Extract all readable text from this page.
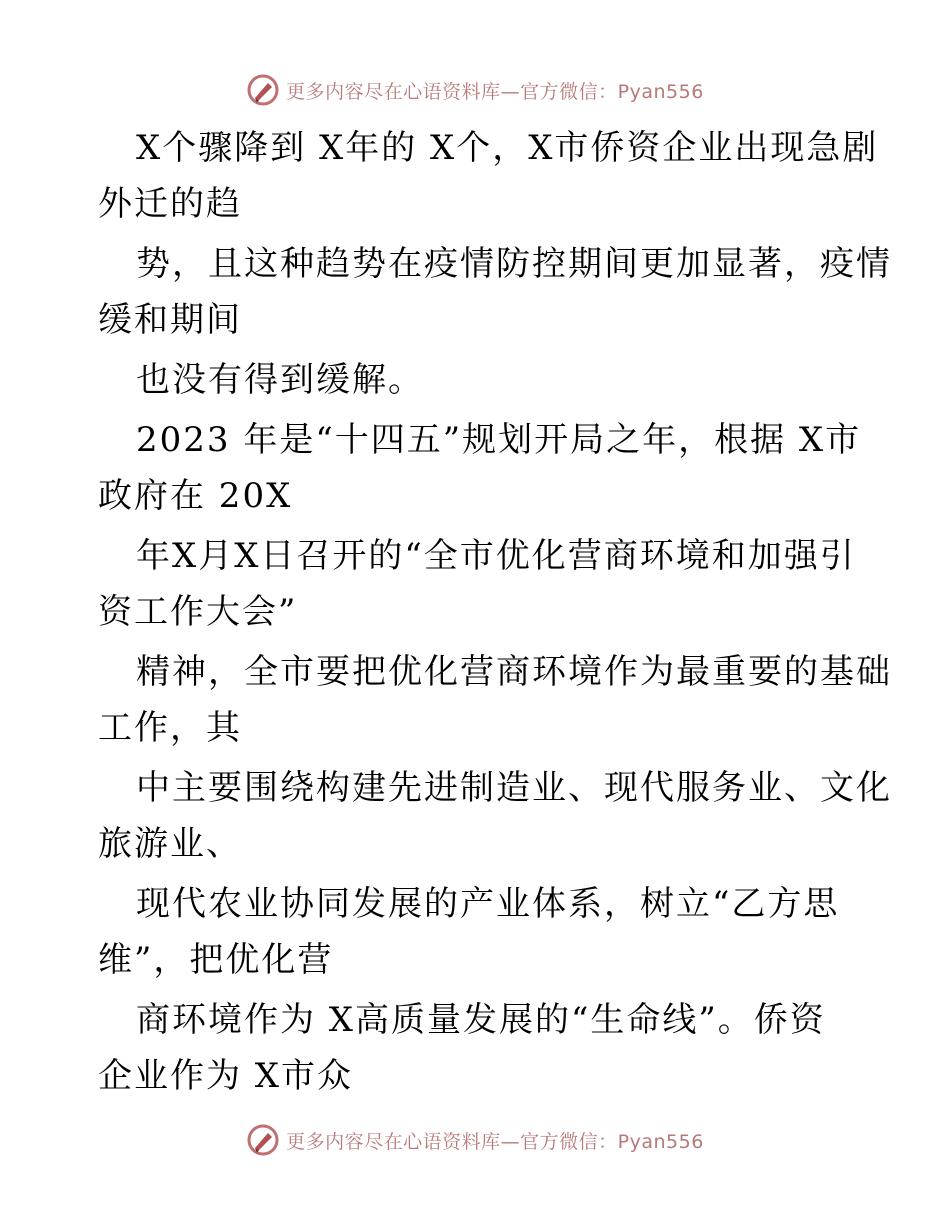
更多内容尽在心语资料库—官方微信：Pyan556
X个骤降到 X年的 X个，X市侨资企业出现急剧
外迁的趋
势，且这种趋势在疫情防控期间更加显著，疫情
缓和期间
也没有得到缓解。
2023 年是“十四五”规划开局之年，根据 X市
政府在 20X
年X月X日召开的“全市优化营商环境和加强引
资工作大会”
精神，全市要把优化营商环境作为最重要的基础
工作，其
中主要围绕构建先进制造业、现代服务业、文化
旅游业、
现代农业协同发展的产业体系，树立“乙方思
维”，把优化营
商环境作为 X高质量发展的“生命线”。侨资
企业作为 X市众
更多内容尽在心语资料库—官方微信：Pyan556
